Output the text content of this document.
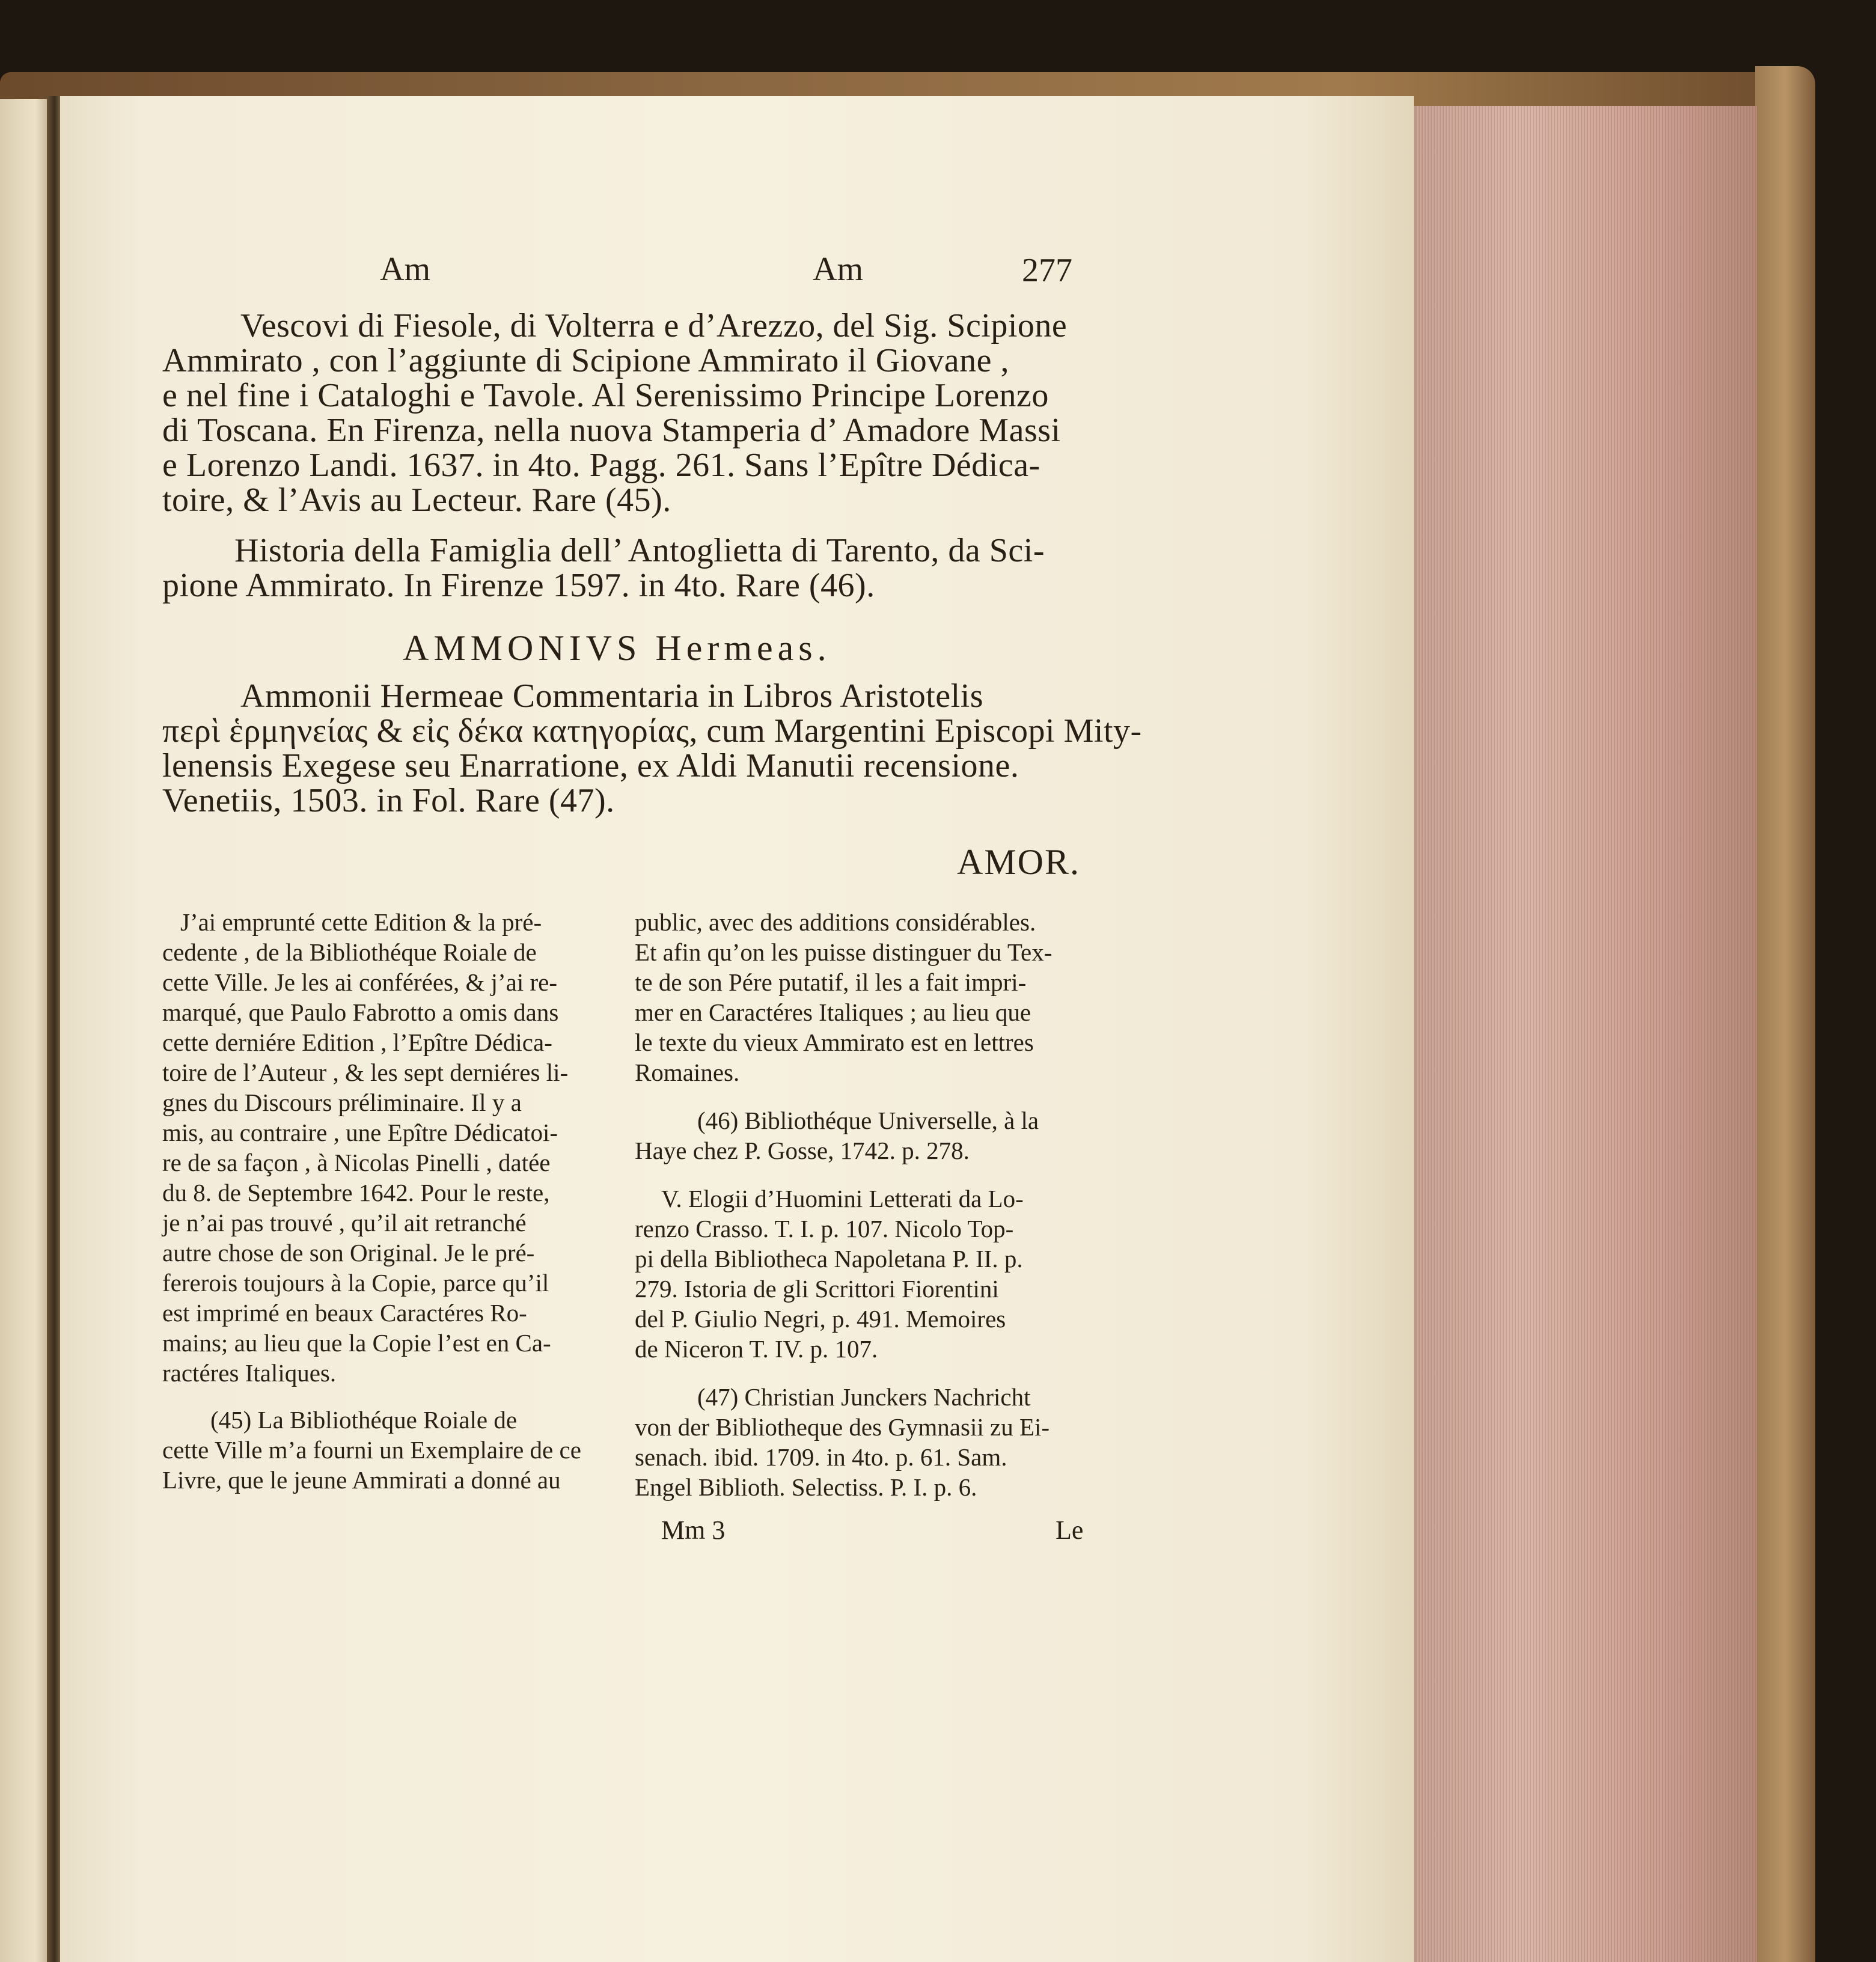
Am	Am	277

Vescovi di Fiesole, di Volterra e d’Arezzo, del Sig. Scipione

Ammirato , con l’aggiunte di Scipione Ammirato il Giovane ,

e nel fine i Cataloghi e Tavole. Al Serenissimo Principe Lorenzo

di Toscana. En Firenza, nella nuova Stamperia d’ Amadore Massi

e Lorenzo Landi. 1637. in 4to. Pagg. 261. Sans l’Epître Dédica-

toire, & l’Avis au Lecteur. Rare (45).

Historia della Famiglia dell’ Antoglietta di Tarento, da Sci-

pione Ammirato. In Firenze 1597. in 4to. Rare (46).

AMMONIVS Hermeas.

Ammonii Hermeae Commentaria in Libros Aristotelis

περὶ ἑρμηνείας & εἰς δέκα κατηγορίας, cum Margentini Episcopi Mity-

lenensis Exegese seu Enarratione, ex Aldi Manutii recensione.

Venetiis, 1503. in Fol. Rare (47).

AMOR.

J’ai emprunté cette Edition & la pré-

cedente , de la Bibliothéque Roiale de

cette Ville. Je les ai conférées, & j’ai re-

marqué, que Paulo Fabrotto a omis dans

cette derniére Edition , l’Epître Dédica-

toire de l’Auteur , & les sept derniéres li-

gnes du Discours préliminaire. Il y a

mis, au contraire , une Epître Dédicatoi-

re de sa façon , à Nicolas Pinelli , datée

du 8. de Septembre 1642. Pour le reste,

je n’ai pas trouvé , qu’il ait retranché

autre chose de son Original. Je le pré-

fererois toujours à la Copie, parce qu’il

est imprimé en beaux Caractéres Ro-

mains; au lieu que la Copie l’est en Ca-

ractéres Italiques.

(45) La Bibliothéque Roiale de

cette Ville m’a fourni un Exemplaire de ce

Livre, que le jeune Ammirati a donné au

public, avec des additions considérables.

Et afin qu’on les puisse distinguer du Tex-

te de son Pére putatif, il les a fait impri-

mer en Caractéres Italiques ; au lieu que

le texte du vieux Ammirato est en lettres

Romaines.

(46) Bibliothéque Universelle, à la

Haye chez P. Gosse, 1742. p. 278.

V. Elogii d’Huomini Letterati da Lo-

renzo Crasso. T. I. p. 107. Nicolo Top-

pi della Bibliotheca Napoletana P. II. p.

279. Istoria de gli Scrittori Fiorentini

del P. Giulio Negri, p. 491. Memoires

de Niceron T. IV. p. 107.

(47) Christian Junckers Nachricht

von der Bibliotheque des Gymnasii zu Ei-

senach. ibid. 1709. in 4to. p. 61. Sam.

Engel Biblioth. Selectiss. P. I. p. 6.

Mm 3	Le
